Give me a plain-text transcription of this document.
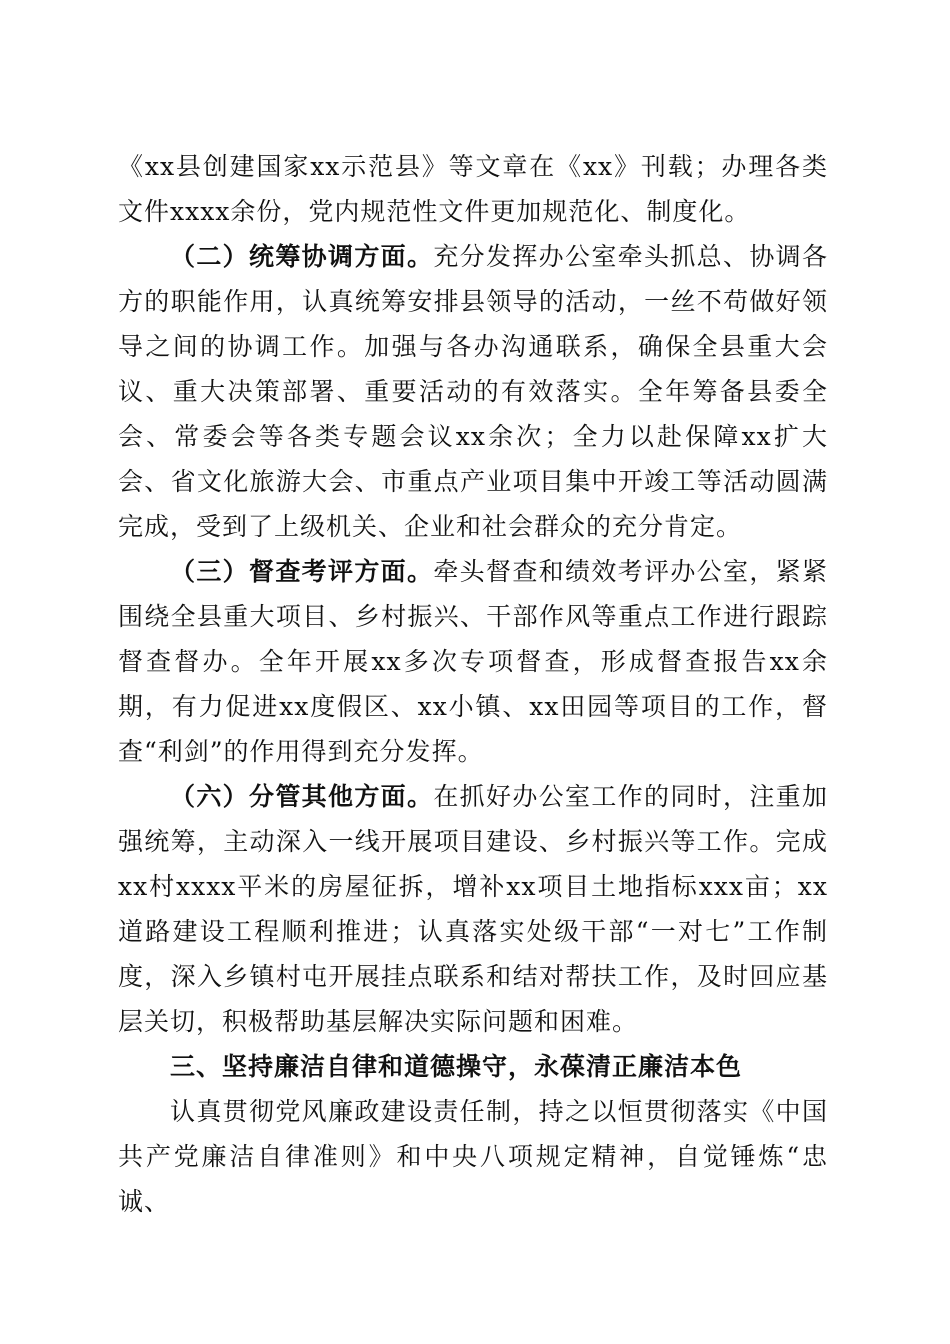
《xx县创建国家xx示范县》等文章在《xx》刊载；办理各类文件xxxx余份，党内规范性文件更加规范化、制度化。

（二）统筹协调方面。充分发挥办公室牵头抓总、协调各方的职能作用，认真统筹安排县领导的活动，一丝不苟做好领导之间的协调工作。加强与各办沟通联系，确保全县重大会议、重大决策部署、重要活动的有效落实。全年筹备县委全会、常委会等各类专题会议xx余次；全力以赴保障xx扩大会、省文化旅游大会、市重点产业项目集中开竣工等活动圆满完成，受到了上级机关、企业和社会群众的充分肯定。

（三）督查考评方面。牵头督查和绩效考评办公室，紧紧围绕全县重大项目、乡村振兴、干部作风等重点工作进行跟踪督查督办。全年开展xx多次专项督查，形成督查报告xx余期，有力促进xx度假区、xx小镇、xx田园等项目的工作，督查“利剑”的作用得到充分发挥。

（六）分管其他方面。在抓好办公室工作的同时，注重加强统筹，主动深入一线开展项目建设、乡村振兴等工作。完成xx村xxxx平米的房屋征拆，增补xx项目土地指标xxx亩；xx道路建设工程顺利推进；认真落实处级干部“一对七”工作制度，深入乡镇村屯开展挂点联系和结对帮扶工作，及时回应基层关切，积极帮助基层解决实际问题和困难。

三、坚持廉洁自律和道德操守，永葆清正廉洁本色

认真贯彻党风廉政建设责任制，持之以恒贯彻落实《中国共产党廉洁自律准则》和中央八项规定精神，自觉锤炼“忠诚、
